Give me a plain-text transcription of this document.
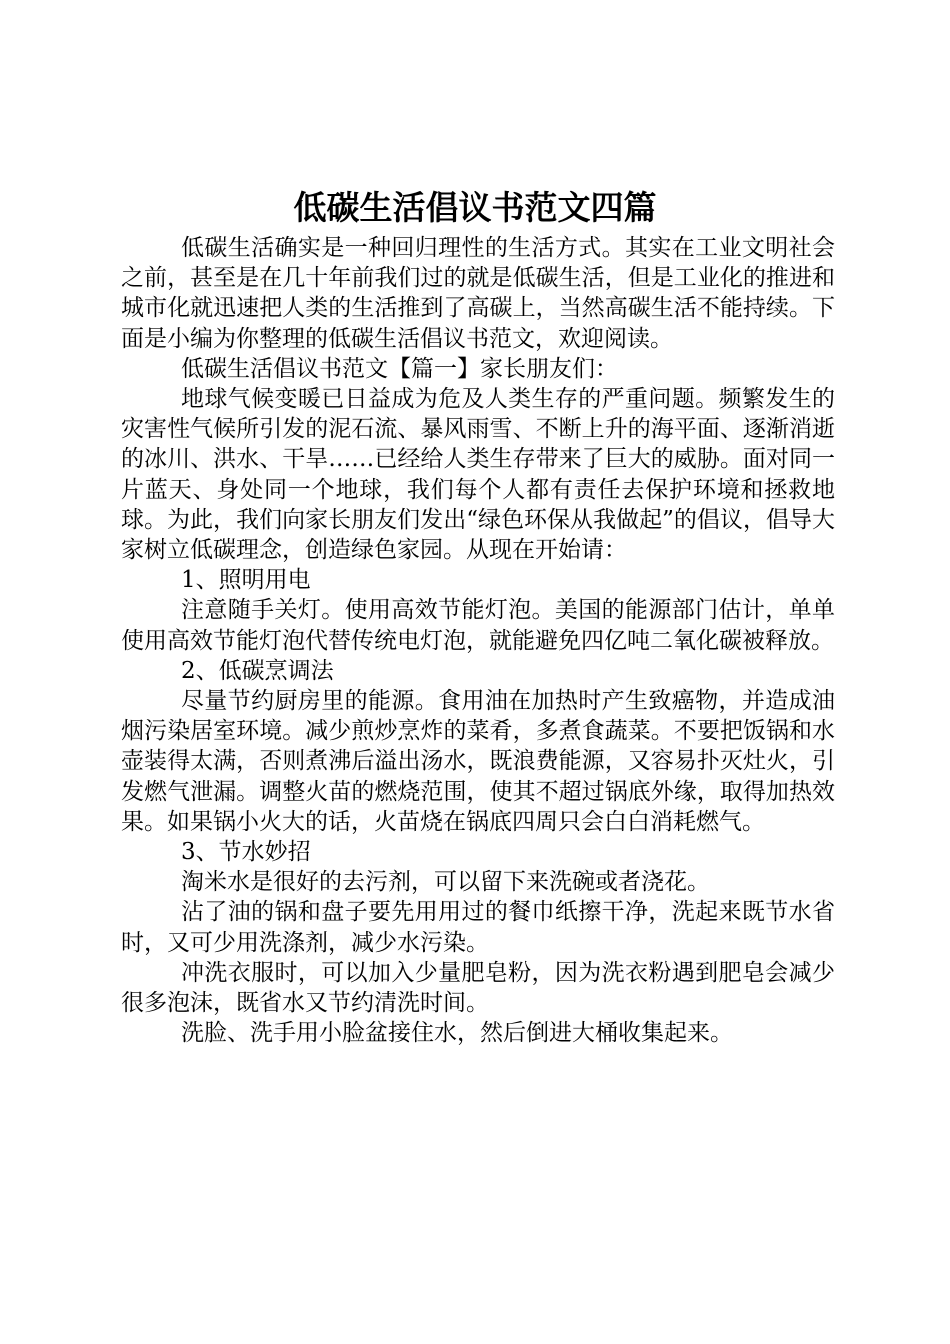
低碳生活倡议书范文四篇

低碳生活确实是一种回归理性的生活方式。其实在工业文明社会之前，甚至是在几十年前我们过的就是低碳生活，但是工业化的推进和城市化就迅速把人类的生活推到了高碳上，当然高碳生活不能持续。下面是小编为你整理的低碳生活倡议书范文，欢迎阅读。

低碳生活倡议书范文【篇一】家长朋友们：

地球气候变暖已日益成为危及人类生存的严重问题。频繁发生的灾害性气候所引发的泥石流、暴风雨雪、不断上升的海平面、逐渐消逝的冰川、洪水、干旱……已经给人类生存带来了巨大的威胁。面对同一片蓝天、身处同一个地球，我们每个人都有责任去保护环境和拯救地球。为此，我们向家长朋友们发出“绿色环保从我做起”的倡议，倡导大家树立低碳理念，创造绿色家园。从现在开始请：

1、照明用电

注意随手关灯。使用高效节能灯泡。美国的能源部门估计，单单使用高效节能灯泡代替传统电灯泡，就能避免四亿吨二氧化碳被释放。

2、低碳烹调法

尽量节约厨房里的能源。食用油在加热时产生致癌物，并造成油烟污染居室环境。减少煎炒烹炸的菜肴，多煮食蔬菜。不要把饭锅和水壶装得太满，否则煮沸后溢出汤水，既浪费能源，又容易扑灭灶火，引发燃气泄漏。调整火苗的燃烧范围，使其不超过锅底外缘，取得加热效果。如果锅小火大的话，火苗烧在锅底四周只会白白消耗燃气。

3、节水妙招

淘米水是很好的去污剂，可以留下来洗碗或者浇花。

沾了油的锅和盘子要先用用过的餐巾纸擦干净，洗起来既节水省时，又可少用洗涤剂，减少水污染。

冲洗衣服时，可以加入少量肥皂粉，因为洗衣粉遇到肥皂会减少很多泡沫，既省水又节约清洗时间。

洗脸、洗手用小脸盆接住水，然后倒进大桶收集起来。
